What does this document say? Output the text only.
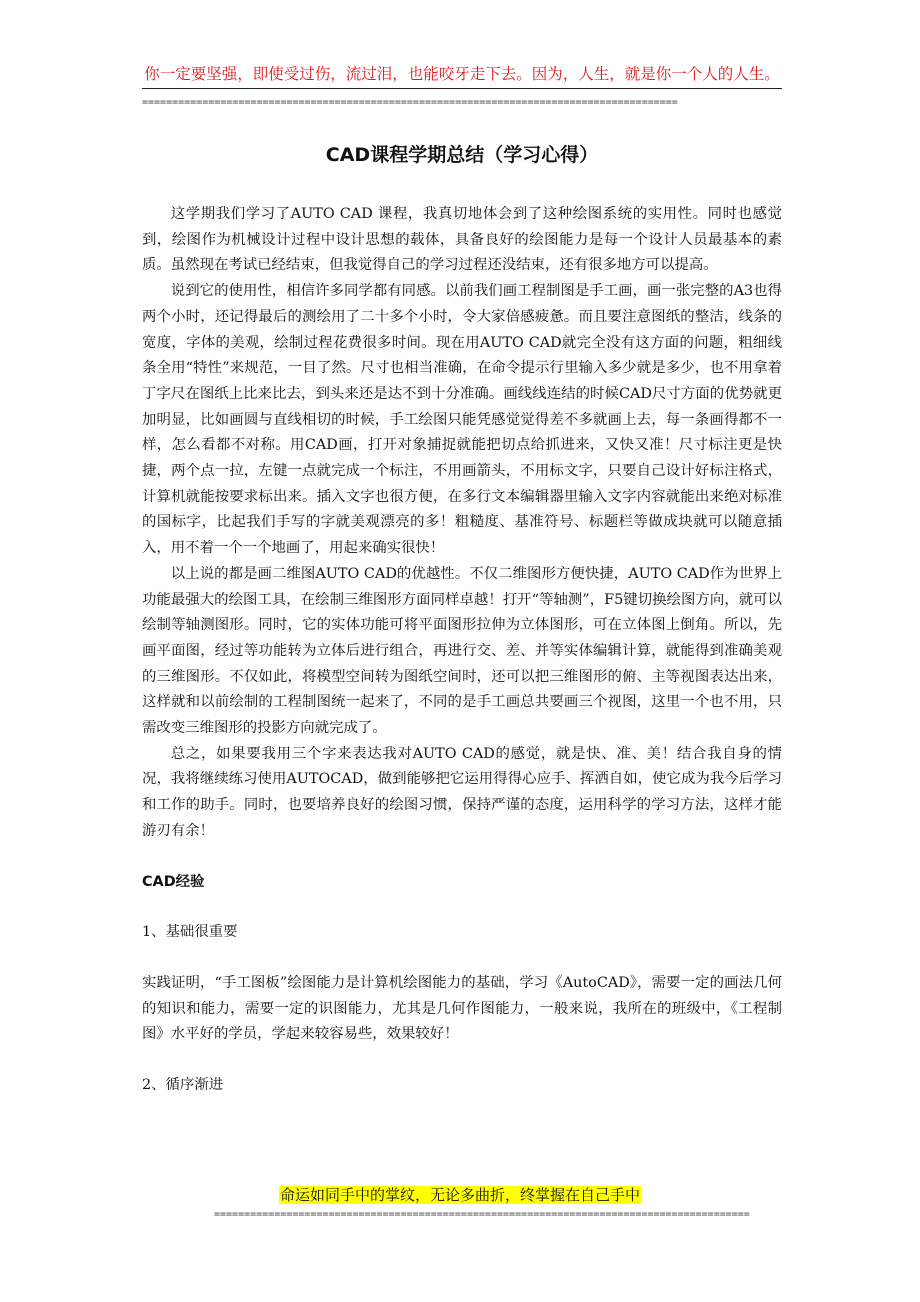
你一定要坚强，即使受过伤，流过泪，也能咬牙走下去。因为，人生，就是你一个人的人生。
=========================================================================================
CAD课程学期总结（学习心得）

这学期我们学习了AUTO CAD 课程，我真切地体会到了这种绘图系统的实用性。同时也感觉到，绘图作为机械设计过程中设计思想的载体，具备良好的绘图能力是每一个设计人员最基本的素质。虽然现在考试已经结束，但我觉得自己的学习过程还没结束，还有很多地方可以提高。

说到它的使用性，相信许多同学都有同感。以前我们画工程制图是手工画，画一张完整的A3也得两个小时，还记得最后的测绘用了二十多个小时，令大家倍感疲惫。而且要注意图纸的整洁，线条的宽度，字体的美观，绘制过程花费很多时间。现在用AUTO CAD就完全没有这方面的问题，粗细线条全用“特性”来规范，一目了然。尺寸也相当准确，在命令提示行里输入多少就是多少，也不用拿着丁字尺在图纸上比来比去，到头来还是达不到十分准确。画线线连结的时候CAD尺寸方面的优势就更加明显，比如画圆与直线相切的时候，手工绘图只能凭感觉觉得差不多就画上去，每一条画得都不一样，怎么看都不对称。用CAD画，打开对象捕捉就能把切点给抓进来，又快又准！尺寸标注更是快捷，两个点一拉，左键一点就完成一个标注，不用画箭头，不用标文字，只要自己设计好标注格式，计算机就能按要求标出来。插入文字也很方便，在多行文本编辑器里输入文字内容就能出来绝对标准的国标字，比起我们手写的字就美观漂亮的多！粗糙度、基准符号、标题栏等做成块就可以随意插入，用不着一个一个地画了，用起来确实很快！

以上说的都是画二维图AUTO CAD的优越性。不仅二维图形方便快捷，AUTO CAD作为世界上功能最强大的绘图工具，在绘制三维图形方面同样卓越！打开“等轴测”，F5键切换绘图方向，就可以绘制等轴测图形。同时，它的实体功能可将平面图形拉伸为立体图形，可在立体图上倒角。所以，先画平面图，经过等功能转为立体后进行组合，再进行交、差、并等实体编辑计算，就能得到准确美观的三维图形。不仅如此，将模型空间转为图纸空间时，还可以把三维图形的俯、主等视图表达出来，这样就和以前绘制的工程制图统一起来了，不同的是手工画总共要画三个视图，这里一个也不用，只需改变三维图形的投影方向就完成了。

总之，如果要我用三个字来表达我对AUTO CAD的感觉，就是快、准、美！结合我自身的情况，我将继续练习使用AUTOCAD，做到能够把它运用得得心应手、挥洒自如，使它成为我今后学习和工作的助手。同时，也要培养良好的绘图习惯，保持严谨的态度，运用科学的学习方法，这样才能游刃有余！

CAD经验

1、基础很重要

实践证明，“手工图板”绘图能力是计算机绘图能力的基础，学习《AutoCAD》，需要一定的画法几何的知识和能力，需要一定的识图能力，尤其是几何作图能力，一般来说，我所在的班级中，《工程制图》水平好的学员，学起来较容易些，效果较好！

2、循序渐进

命运如同手中的掌纹，无论多曲折，终掌握在自己手中
=========================================================================================
